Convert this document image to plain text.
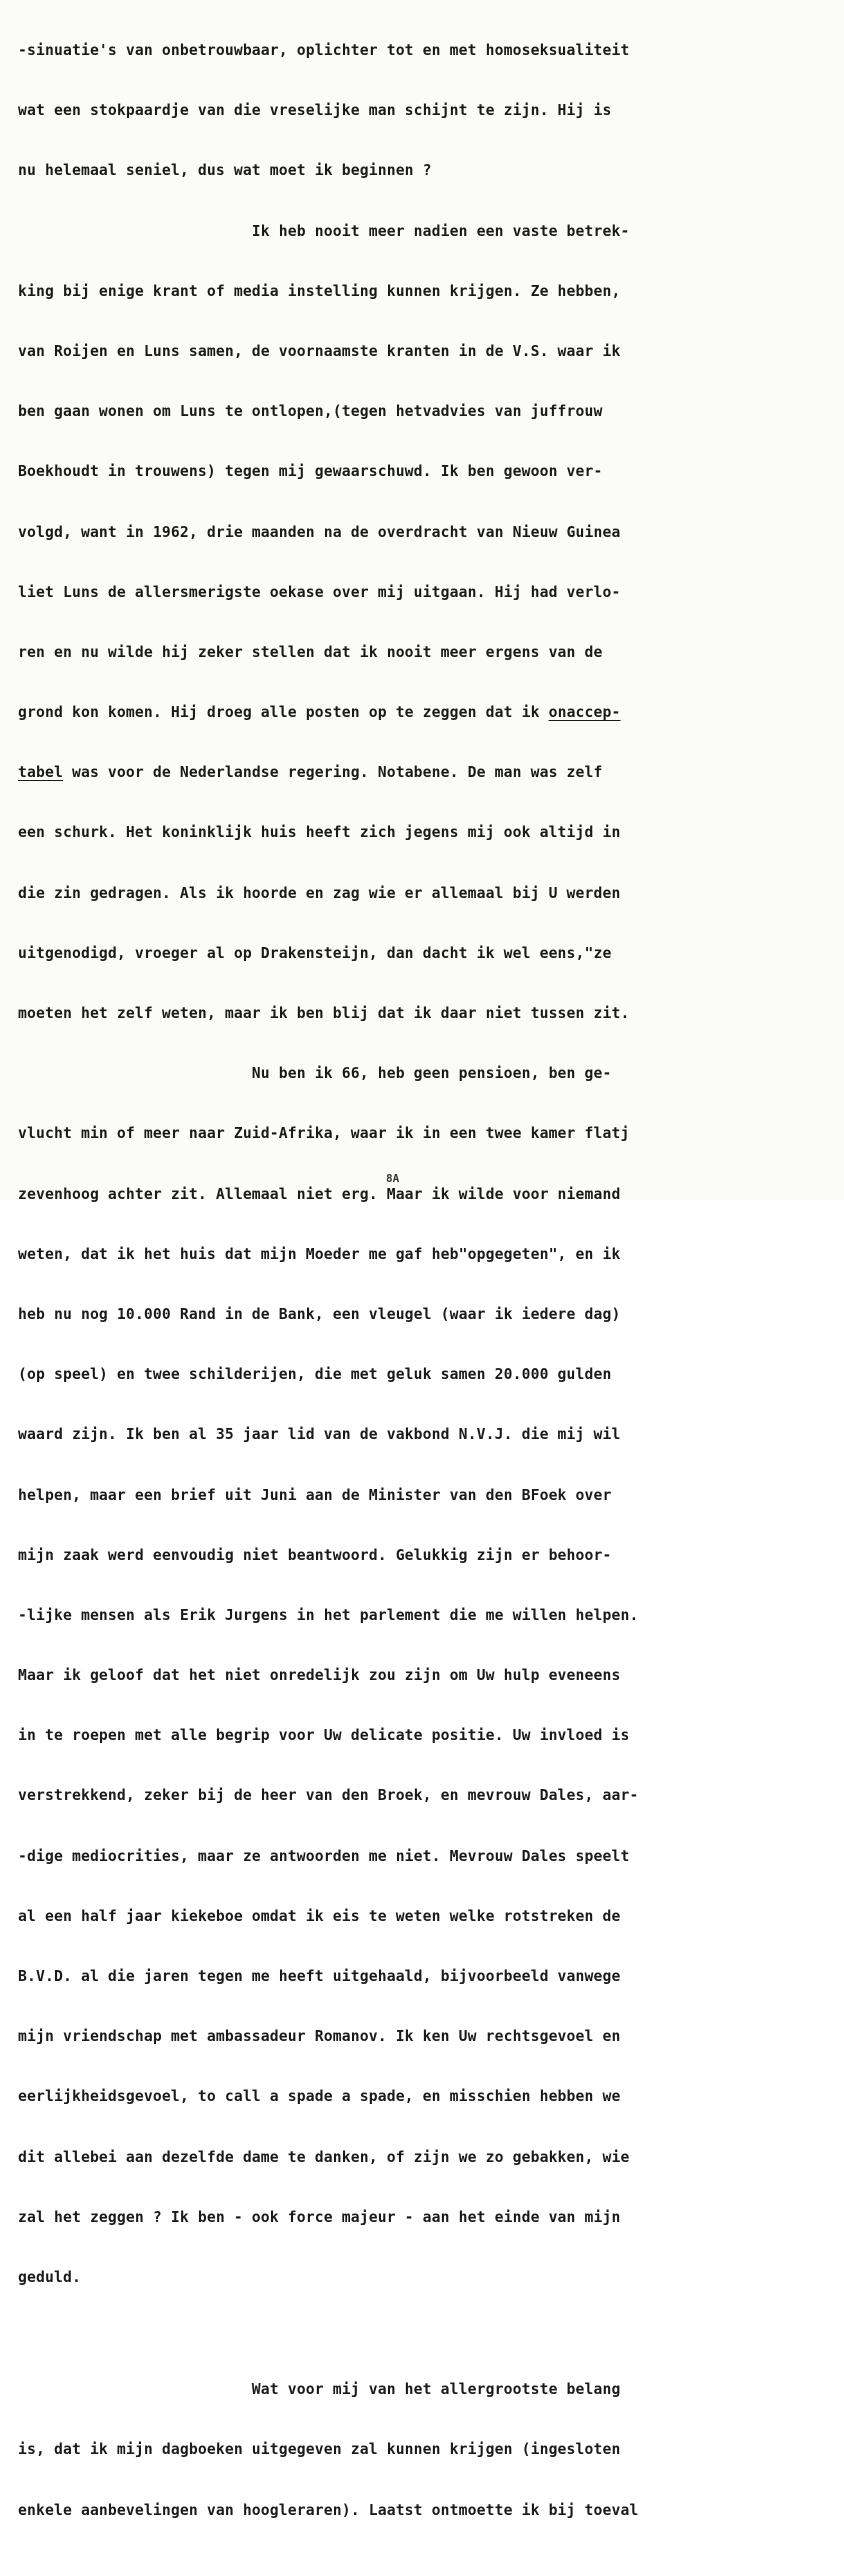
-sinuatie's van onbetrouwbaar, oplichter tot en met homoseksualiteit

wat een stokpaardje van die vreselijke man schijnt te zijn. Hij is

nu helemaal seniel, dus wat moet ik beginnen ?

Ik heb nooit meer nadien een vaste betrek-

king bij enige krant of media instelling kunnen krijgen. Ze hebben,

van Roijen en Luns samen, de voornaamste kranten in de V.S. waar ik

ben gaan wonen om Luns te ontlopen,(tegen hetvadvies van juffrouw

Boekhoudt in trouwens) tegen mij gewaarschuwd. Ik ben gewoon ver-

volgd, want in 1962, drie maanden na de overdracht van Nieuw Guinea

liet Luns de allersmerigste oekase over mij uitgaan. Hij had verlo-

ren en nu wilde hij zeker stellen dat ik nooit meer ergens van de

grond kon komen. Hij droeg alle posten op te zeggen dat ik onaccep-

tabel was voor de Nederlandse regering. Notabene. De man was zelf

een schurk. Het koninklijk huis heeft zich jegens mij ook altijd in

die zin gedragen. Als ik hoorde en zag wie er allemaal bij U werden

uitgenodigd, vroeger al op Drakensteijn, dan dacht ik wel eens,"ze

moeten het zelf weten, maar ik ben blij dat ik daar niet tussen zit.

Nu ben ik 66, heb geen pensioen, ben ge-

vlucht min of meer naar Zuid-Afrika, waar ik in een twee kamer flatj

zevenhoog achter zit. Allemaal niet erg. Maar ik wilde voor niemand

weten, dat ik het huis dat mijn Moeder me gaf heb"opgegeten", en ik

heb nu nog 10.000 Rand in de Bank, een vleugel (waar ik iedere dag)

(op speel) en twee schilderijen, die met geluk samen 20.000 gulden

waard zijn. Ik ben al 35 jaar lid van de vakbond N.V.J. die mij wil

helpen, maar een brief uit Juni aan de Minister van den BFoek over

mijn zaak werd eenvoudig niet beantwoord. Gelukkig zijn er behoor-

-lijke mensen als Erik Jurgens in het parlement die me willen helpen.

Maar ik geloof dat het niet onredelijk zou zijn om Uw hulp eveneens

in te roepen met alle begrip voor Uw delicate positie. Uw invloed is

verstrekkend, zeker bij de heer van den Broek, en mevrouw Dales, aar-

-dige mediocrities, maar ze antwoorden me niet. Mevrouw Dales speelt

al een half jaar kiekeboe omdat ik eis te weten welke rotstreken de

B.V.D. al die jaren tegen me heeft uitgehaald, bijvoorbeeld vanwege

mijn vriendschap met ambassadeur Romanov. Ik ken Uw rechtsgevoel en

eerlijkheidsgevoel, to call a spade a spade, en misschien hebben we

dit allebei aan dezelfde dame te danken, of zijn we zo gebakken, wie

zal het zeggen ? Ik ben - ook force majeur - aan het einde van mijn

geduld.

Wat voor mij van het allergrootste belang

is, dat ik mijn dagboeken uitgegeven zal kunnen krijgen (ingesloten

enkele aanbevelingen van hoogleraren). Laatst ontmoette ik bij toeval

8A
